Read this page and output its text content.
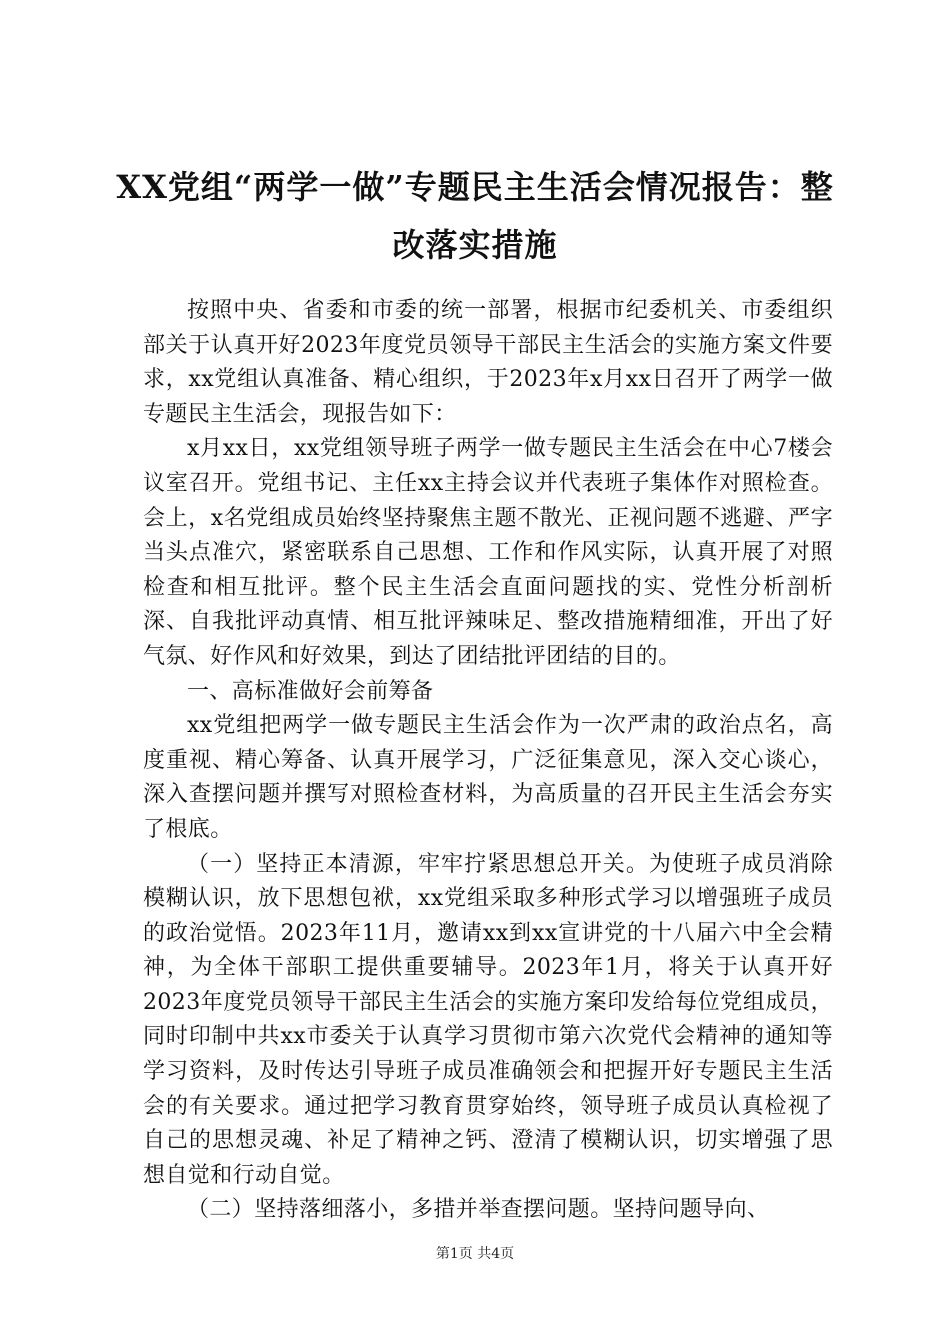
XX党组“两学一做”专题民主生活会情况报告：整改落实措施

按照中央、省委和市委的统一部署，根据市纪委机关、市委组织部关于认真开好2023年度党员领导干部民主生活会的实施方案文件要求，xx党组认真准备、精心组织，于2023年x月xx日召开了两学一做专题民主生活会，现报告如下：

x月xx日，xx党组领导班子两学一做专题民主生活会在中心7楼会议室召开。党组书记、主任xx主持会议并代表班子集体作对照检查。会上，x名党组成员始终坚持聚焦主题不散光、正视问题不逃避、严字当头点准穴，紧密联系自己思想、工作和作风实际，认真开展了对照检查和相互批评。整个民主生活会直面问题找的实、党性分析剖析深、自我批评动真情、相互批评辣味足、整改措施精细准，开出了好气氛、好作风和好效果，到达了团结批评团结的目的。

一、高标准做好会前筹备

xx党组把两学一做专题民主生活会作为一次严肃的政治点名，高度重视、精心筹备、认真开展学习，广泛征集意见，深入交心谈心，深入查摆问题并撰写对照检查材料，为高质量的召开民主生活会夯实了根底。

（一）坚持正本清源，牢牢拧紧思想总开关。为使班子成员消除模糊认识，放下思想包袱，xx党组采取多种形式学习以增强班子成员的政治觉悟。2023年11月，邀请xx到xx宣讲党的十八届六中全会精神，为全体干部职工提供重要辅导。2023年1月，将关于认真开好2023年度党员领导干部民主生活会的实施方案印发给每位党组成员，同时印制中共xx市委关于认真学习贯彻市第六次党代会精神的通知等学习资料，及时传达引导班子成员准确领会和把握开好专题民主生活会的有关要求。通过把学习教育贯穿始终，领导班子成员认真检视了自己的思想灵魂、补足了精神之钙、澄清了模糊认识，切实增强了思想自觉和行动自觉。

（二）坚持落细落小，多措并举查摆问题。坚持问题导向、

第1页 共4页
